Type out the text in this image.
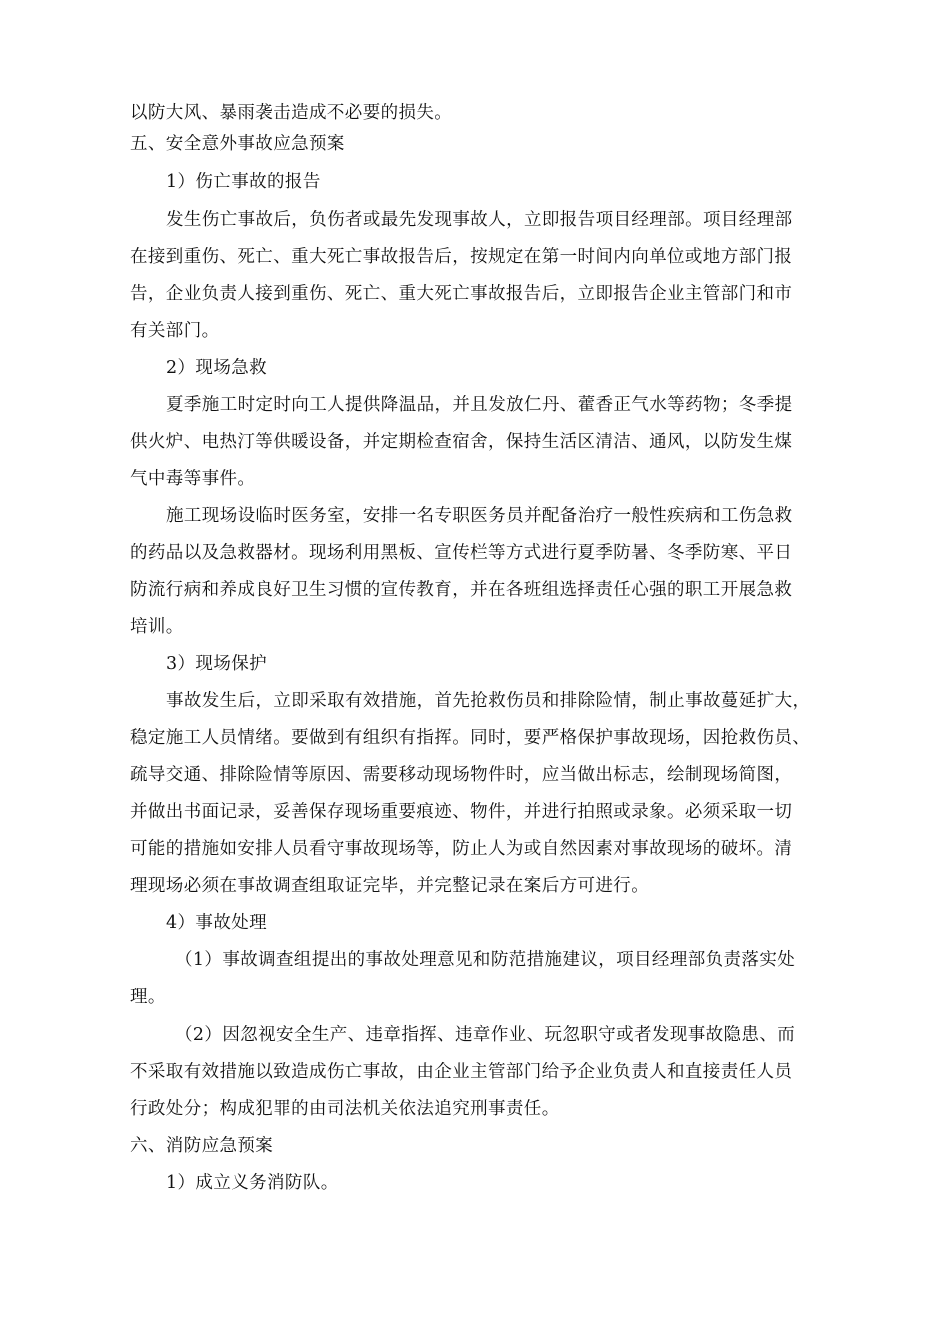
以防大风、暴雨袭击造成不必要的损失。
五、安全意外事故应急预案
1）伤亡事故的报告
发生伤亡事故后，负伤者或最先发现事故人，立即报告项目经理部。项目经理部
在接到重伤、死亡、重大死亡事故报告后，按规定在第一时间内向单位或地方部门报
告，企业负责人接到重伤、死亡、重大死亡事故报告后，立即报告企业主管部门和市
有关部门。
2）现场急救
夏季施工时定时向工人提供降温品，并且发放仁丹、藿香正气水等药物；冬季提
供火炉、电热汀等供暖设备，并定期检查宿舍，保持生活区清洁、通风，以防发生煤
气中毒等事件。
施工现场设临时医务室，安排一名专职医务员并配备治疗一般性疾病和工伤急救
的药品以及急救器材。现场利用黑板、宣传栏等方式进行夏季防暑、冬季防寒、平日
防流行病和养成良好卫生习惯的宣传教育，并在各班组选择责任心强的职工开展急救
培训。
3）现场保护
事故发生后，立即采取有效措施，首先抢救伤员和排除险情，制止事故蔓延扩大，
稳定施工人员情绪。要做到有组织有指挥。同时，要严格保护事故现场，因抢救伤员、
疏导交通、排除险情等原因、需要移动现场物件时，应当做出标志，绘制现场简图，
并做出书面记录，妥善保存现场重要痕迹、物件，并进行拍照或录象。必须采取一切
可能的措施如安排人员看守事故现场等，防止人为或自然因素对事故现场的破坏。清
理现场必须在事故调查组取证完毕，并完整记录在案后方可进行。
4）事故处理
（1）事故调查组提出的事故处理意见和防范措施建议，项目经理部负责落实处
理。
（2）因忽视安全生产、违章指挥、违章作业、玩忽职守或者发现事故隐患、而
不采取有效措施以致造成伤亡事故，由企业主管部门给予企业负责人和直接责任人员
行政处分；构成犯罪的由司法机关依法追究刑事责任。
六、消防应急预案
1）成立义务消防队。
